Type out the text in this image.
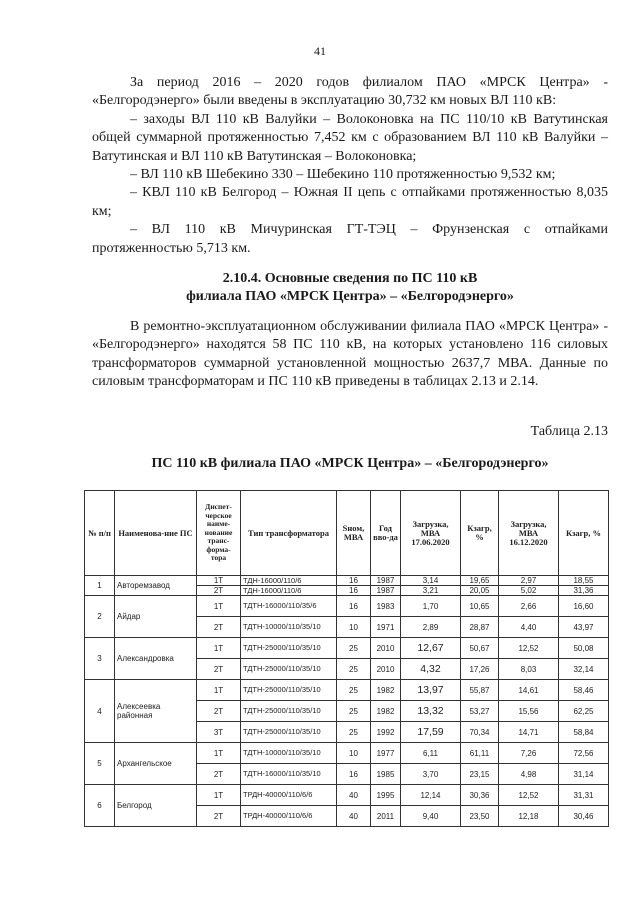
41

За период 2016 – 2020 годов филиалом ПАО «МРСК Центра» - «Белгородэнерго» были введены в эксплуатацию 30,732 км новых ВЛ 110 кВ:

– заходы ВЛ 110 кВ Валуйки – Волоконовка на ПС 110/10 кВ Ватутинская общей суммарной протяженностью 7,452 км с образованием ВЛ 110 кВ Валуйки – Ватутинская и ВЛ 110 кВ Ватутинская – Волоконовка;

– ВЛ 110 кВ Шебекино 330 – Шебекино 110 протяженностью 9,532 км;

– КВЛ 110 кВ Белгород – Южная II цепь с отпайками протяженностью 8,035 км;

– ВЛ 110 кВ Мичуринская ГТ-ТЭЦ – Фрунзенская с отпайками протяженностью 5,713 км.

2.10.4. Основные сведения по ПС 110 кВ
филиала ПАО «МРСК Центра» – «Белгородэнерго»

В ремонтно-эксплуатационном обслуживании филиала ПАО «МРСК Центра» - «Белгородэнерго» находятся 58 ПС 110 кВ, на которых установлено 116 силовых трансформаторов суммарной установленной мощностью 2637,7 МВА. Данные по силовым трансформаторам и ПС 110 кВ приведены в таблицах 2.13 и 2.14.

Таблица 2.13
ПС 110 кВ филиала ПАО «МРСК Центра» – «Белгородэнерго»
№ п/п	Наименова-ние ПС	Диспет-черское наиме-нование транс-форма-тора	Тип трансформатора	Sном, МВА	Год вво-да	Загрузка, МВА 17.06.2020	Кзагр, %	Загрузка, МВА 16.12.2020	Кзагр, %
1	Авторемзавод	1Т	ТДН-16000/110/6	16	1987	3,14	19,65	2,97	18,55
		2Т	ТДН-16000/110/6	16	1987	3,21	20,05	5,02	31,36
2	Айдар	1Т	ТДТН-16000/110/35/6	16	1983	1,70	10,65	2,66	16,60
		2Т	ТДТН-10000/110/35/10	10	1971	2,89	28,87	4,40	43,97
3	Александровка	1Т	ТДТН-25000/110/35/10	25	2010	12,67	50,67	12,52	50,08
		2Т	ТДТН-25000/110/35/10	25	2010	4,32	17,26	8,03	32,14
4	Алексеевка районная	1Т	ТДТН-25000/110/35/10	25	1982	13,97	55,87	14,61	58,46
		2Т	ТДТН-25000/110/35/10	25	1982	13,32	53,27	15,56	62,25
		3Т	ТДТН-25000/110/35/10	25	1992	17,59	70,34	14,71	58,84
5	Архангельское	1Т	ТДТН-10000/110/35/10	10	1977	6,11	61,11	7,26	72,56
		2Т	ТДТН-16000/110/35/10	16	1985	3,70	23,15	4,98	31,14
6	Белгород	1Т	ТРДН-40000/110/6/6	40	1995	12,14	30,36	12,52	31,31
		2Т	ТРДН-40000/110/6/6	40	2011	9,40	23,50	12,18	30,46
